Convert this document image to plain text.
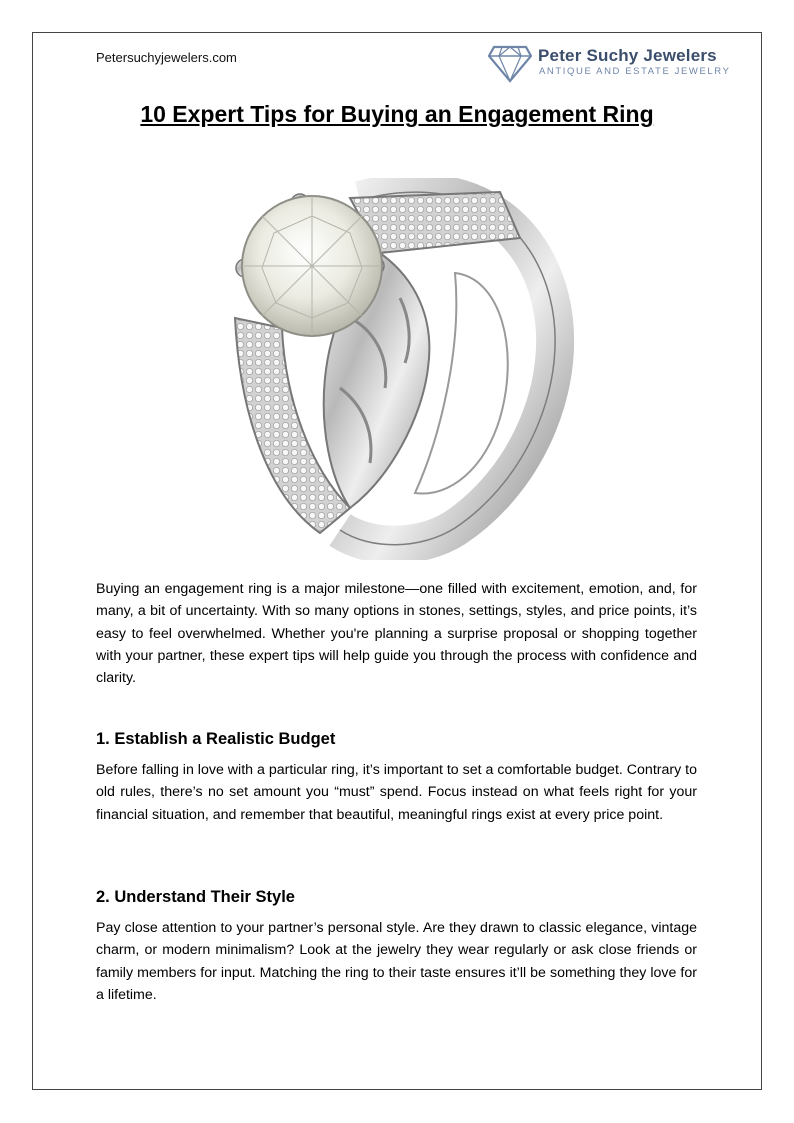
Petersuchyjewelers.com	Peter Suchy Jewelers
ANTIQUE AND ESTATE JEWELRY
10 Expert Tips for Buying an Engagement Ring

Buying an engagement ring is a major milestone—one filled with excitement, emotion, and, for many, a bit of uncertainty. With so many options in stones, settings, styles, and price points, it’s easy to feel overwhelmed. Whether you're planning a surprise proposal or shopping together with your partner, these expert tips will help guide you through the process with confidence and clarity.

1. Establish a Realistic Budget

Before falling in love with a particular ring, it’s important to set a comfortable budget. Contrary to old rules, there’s no set amount you “must” spend. Focus instead on what feels right for your financial situation, and remember that beautiful, meaningful rings exist at every price point.

2. Understand Their Style

Pay close attention to your partner’s personal style. Are they drawn to classic elegance, vintage charm, or modern minimalism? Look at the jewelry they wear regularly or ask close friends or family members for input. Matching the ring to their taste ensures it’ll be something they love for a lifetime.
